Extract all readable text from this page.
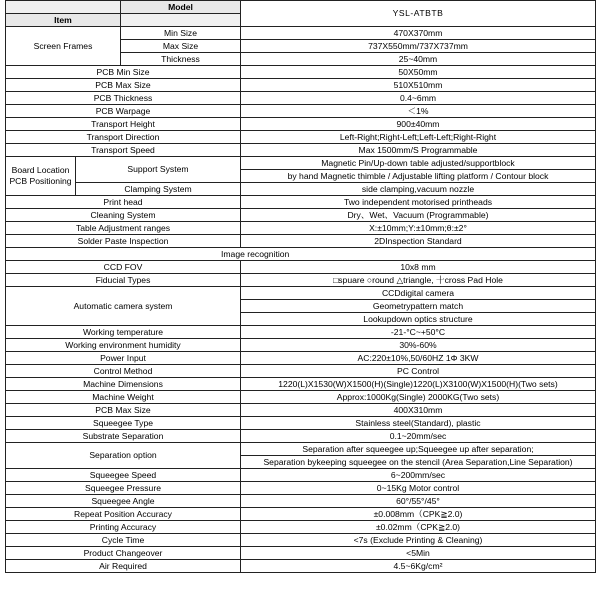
		Model	YSL-ATBTB
Item			
Screen Frames		Min Size	470X370mm
		Max Size	737X550mm/737X737mm
		Thickness	25~40mm
PCB Min Size			50X50mm
PCB Max Size			510X510mm
PCB Thickness			0.4~6mm
PCB Warpage			＜1%
Transport Height			900±40mm
Transport Direction			Left-Right;Right-Left;Left-Left;Right-Right
Transport Speed			Max 1500mm/S Programmable
Board Location
PCB Positioning	Support System		Magnetic Pin/Up-down table adjusted/supportblock
			by hand Magnetic thimble / Adjustable lifting platform / Contour block
	Clamping System		side clamping,vacuum nozzle
Print head			Two independent motorised printheads
Cleaning System			Dry、Wet、Vacuum (Programmable)
Table Adjustment ranges			X:±10mm;Y:±10mm;θ:±2°
Solder Paste Inspection			2DInspection Standard
Image recognition			
CCD FOV			10x8 mm
Fiducial Types			□spuare ○round △triangle, 十cross Pad Hole
Automatic camera system			CCDdigital camera
			Geometrypattern match
			Lookupdown optics structure
Working temperature			-21-°C~+50°C
Working environment humidity			30%-60%
Power Input			AC:220±10%,50/60HZ 1Φ 3KW
Control Method			PC Control
Machine Dimensions			1220(L)X1530(W)X1500(H)(Single)1220(L)X3100(W)X1500(H)(Two sets)
Machine Weight			Approx:1000Kg(Single) 2000KG(Two sets)
PCB Max Size			400X310mm
Squeegee Type			Stainless steel(Standard), plastic
Substrate Separation			0.1~20mm/sec
Separation option			Separation after squeegee up;Squeegee up after separation;
			Separation bykeeping squeegee on the stencil (Area Separation,Line Separation)
Squeegee Speed			6~200mm/sec
Squeegee Pressure			0~15Kg Motor control
Squeegee Angle			60°/55°/45°
Repeat Position Accuracy			±0.008mm（CPK≧2.0)
Printing Accuracy			±0.02mm（CPK≧2.0)
Cycle Time			<7s (Exclude Printing & Cleaning)
Product Changeover			<5Min
Air Required			4.5~6Kg/cm²
